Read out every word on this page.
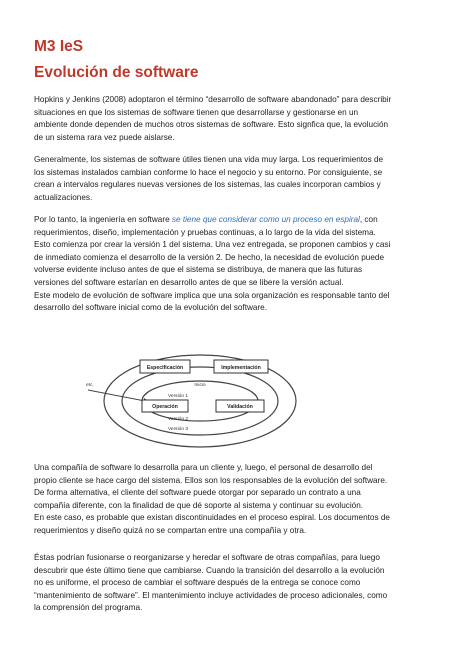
M3 IeS
Evolución de software

Hopkins y Jenkins (2008) adoptaron el término “desarrollo de software abandonado” para describir
situaciones en que los sistemas de software tienen que desarrollarse y gestionarse en un
ambiente donde dependen de muchos otros sistemas de software. Esto signfica que, la evolución
de un sistema rara vez puede aislarse.

Generalmente, los sistemas de software útiles tienen una vida muy larga. Los requerimientos de
los sistemas instalados cambian conforme lo hace el negocio y su entorno. Por consiguiente, se
crean a intervalos regulares nuevas versiones de los sistemas, las cuales incorporan cambios y
actualizaciones.

Por lo tanto, la ingeniería en software se tiene que considerar como un proceso en espiral, con
requerimientos, diseño, implementación y pruebas continuas, a lo largo de la vida del sistema.
Esto comienza por crear la versión 1 del sistema. Una vez entregada, se proponen cambios y casi
de inmediato comienza el desarrollo de la versión 2. De hecho, la necesidad de evolución puede
volverse evidente incluso antes de que el sistema se distribuya, de manera que las futuras
versiones del software estarían en desarrollo antes de que se libere la versión actual.
Este modelo de evolución de software implica que una sola organización es responsable tanto del
desarrollo del software inicial como de la evolución del software.

Especificación	Implementación
Operación	Validación
Inicio
Versión 1
Versión 2
Versión 3
etc.

Una compañía de software lo desarrolla para un cliente y, luego, el personal de desarrollo del
propio cliente se hace cargo del sistema. Ellos son los responsables de la evolución del software.
De forma alternativa, el cliente del software puede otorgar por separado un contrato a una
compañía diferente, con la finalidad de que dé soporte al sistema y continuar su evolución.
En este caso, es probable que existan discontinuidades en el proceso espiral. Los documentos de
requerimientos y diseño quizá no se compartan entre una compañía y otra.

Éstas podrían fusionarse o reorganizarse y heredar el software de otras compañías, para luego
descubrir que éste último tiene que cambiarse. Cuando la transición del desarrollo a la evolución
no es uniforme, el proceso de cambiar el software después de la entrega se conoce como
“mantenimiento de software”. El mantenimiento incluye actividades de proceso adicionales, como
la comprensión del programa.
